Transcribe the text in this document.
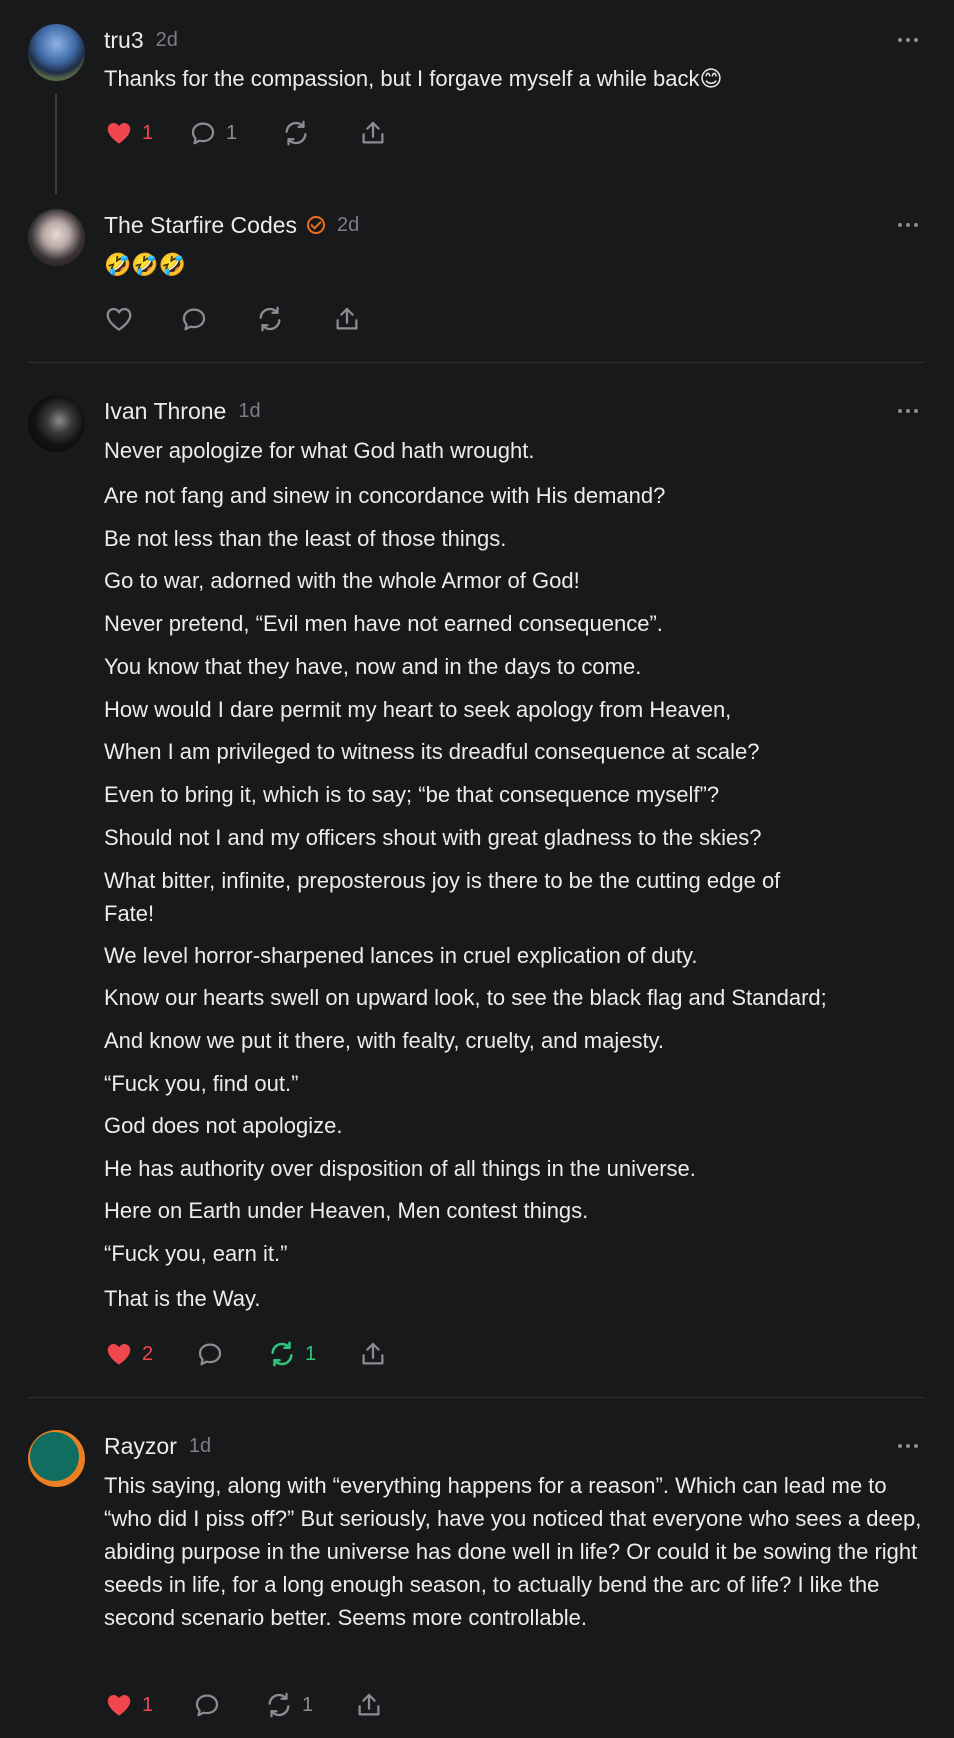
tru3 2d
Thanks for the compassion, but I forgave myself a while back😊
1	1
The Starfire Codes 2d
🤣🤣🤣
Ivan Throne 1d
Never apologize for what God hath wrought.
Are not fang and sinew in concordance with His demand?
Be not less than the least of those things.
Go to war, adorned with the whole Armor of God!
Never pretend, “Evil men have not earned consequence”.
You know that they have, now and in the days to come.
How would I dare permit my heart to seek apology from Heaven,
When I am privileged to witness its dreadful consequence at scale?
Even to bring it, which is to say; “be that consequence myself”?
Should not I and my officers shout with great gladness to the skies?
What bitter, infinite, preposterous joy is there to be the cutting edge of
Fate!
We level horror-sharpened lances in cruel explication of duty.
Know our hearts swell on upward look, to see the black flag and Standard;
And know we put it there, with fealty, cruelty, and majesty.
“Fuck you, find out.”
God does not apologize.
He has authority over disposition of all things in the universe.
Here on Earth under Heaven, Men contest things.
“Fuck you, earn it.”
That is the Way.
2	1
Rayzor 1d
This saying, along with “everything happens for a reason”. Which can lead me to “who did I piss off?” But seriously, have you noticed that everyone who sees a deep, abiding purpose in the universe has done well in life? Or could it be sowing the right seeds in life, for a long enough season, to actually bend the arc of life? I like the second scenario better. Seems more controllable.
1	1
